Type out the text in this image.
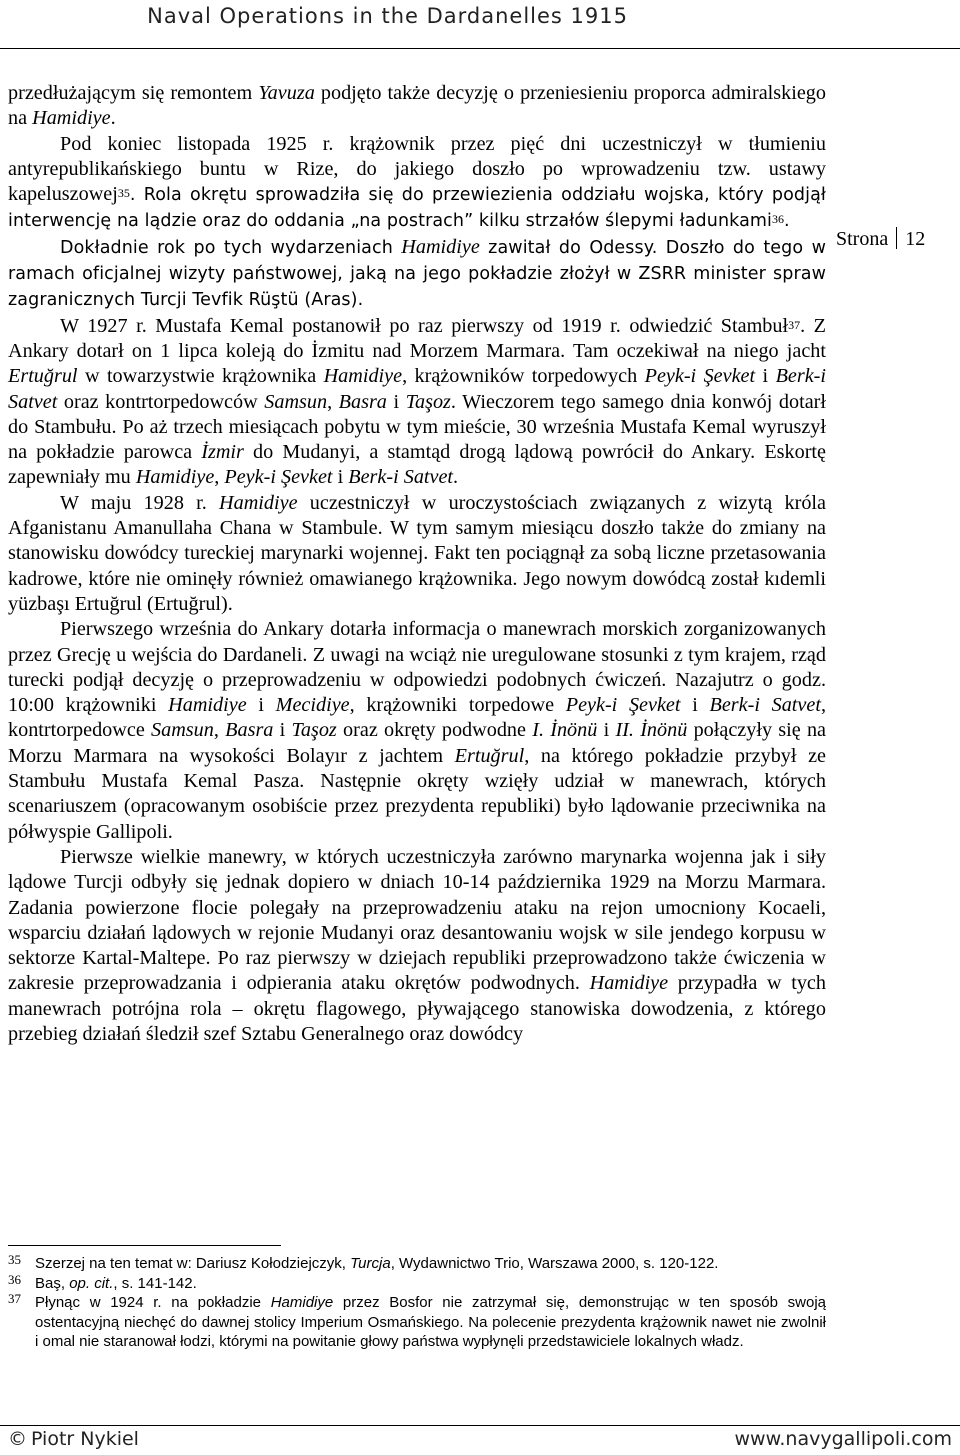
Naval Operations in the Dardanelles 1915
Strona 12

przedłużającym się remontem Yavuza podjęto także decyzję o przeniesieniu proporca admiralskiego na Hamidiye.

Pod koniec listopada 1925 r. krążownik przez pięć dni uczestniczył w tłumieniu antyrepublikańskiego buntu w Rize, do jakiego doszło po wprowadzeniu tzw. ustawy kapeluszowej$^{35}$. Rola okrętu sprowadziła się do przewiezienia oddziału wojska, który podjął interwencję na lądzie oraz do oddania „na postrach” kilku strzałów ślepymi ładunkami$^{36}$.

Dokładnie rok po tych wydarzeniach Hamidiye zawitał do Odessy. Doszło do tego w ramach oficjalnej wizyty państwowej, jaką na jego pokładzie złożył w ZSRR minister spraw zagranicznych Turcji Tevfik Rüştü (Aras).

W 1927 r. Mustafa Kemal postanowił po raz pierwszy od 1919 r. odwiedzić Stambuł$^{37}$. Z Ankary dotarł on 1 lipca koleją do İzmitu nad Morzem Marmara. Tam oczekiwał na niego jacht Ertuğrul w towarzystwie krążownika Hamidiye, krążowników torpedowych Peyk-i Şevket i Berk-i Satvet oraz kontrtorpedowców Samsun, Basra i Taşoz. Wieczorem tego samego dnia konwój dotarł do Stambułu. Po aż trzech miesiącach pobytu w tym mieście, 30 września Mustafa Kemal wyruszył na pokładzie parowca İzmir do Mudanyi, a stamtąd drogą lądową powrócił do Ankary. Eskortę zapewniały mu Hamidiye, Peyk-i Şevket i Berk-i Satvet.

W maju 1928 r. Hamidiye uczestniczył w uroczystościach związanych z wizytą króla Afganistanu Amanullaha Chana w Stambule. W tym samym miesiącu doszło także do zmiany na stanowisku dowódcy tureckiej marynarki wojennej. Fakt ten pociągnął za sobą liczne przetasowania kadrowe, które nie ominęły również omawianego krążownika. Jego nowym dowódcą został kıdemli yüzbaşı Ertuğrul (Ertuğrul).

Pierwszego września do Ankary dotarła informacja o manewrach morskich zorganizowanych przez Grecję u wejścia do Dardaneli. Z uwagi na wciąż nie uregulowane stosunki z tym krajem, rząd turecki podjął decyzję o przeprowadzeniu w odpowiedzi podobnych ćwiczeń. Nazajutrz o godz. 10:00 krążowniki Hamidiye i Mecidiye, krążowniki torpedowe Peyk-i Şevket i Berk-i Satvet, kontrtorpedowce Samsun, Basra i Taşoz oraz okręty podwodne I. İnönü i II. İnönü połączyły się na Morzu Marmara na wysokości Bolayır z jachtem Ertuğrul, na którego pokładzie przybył ze Stambułu Mustafa Kemal Pasza. Następnie okręty wzięły udział w manewrach, których scenariuszem (opracowanym osobiście przez prezydenta republiki) było lądowanie przeciwnika na półwyspie Gallipoli.

Pierwsze wielkie manewry, w których uczestniczyła zarówno marynarka wojenna jak i siły lądowe Turcji odbyły się jednak dopiero w dniach 10-14 października 1929 na Morzu Marmara. Zadania powierzone flocie polegały na przeprowadzeniu ataku na rejon umocniony Kocaeli, wsparciu działań lądowych w rejonie Mudanyi oraz desantowaniu wojsk w sile jendego korpusu w sektorze Kartal-Maltepe. Po raz pierwszy w dziejach republiki przeprowadzono także ćwiczenia w zakresie przeprowadzania i odpierania ataku okrętów podwodnych. Hamidiye przypadła w tych manewrach potrójna rola – okrętu flagowego, pływającego stanowiska dowodzenia, z którego przebieg działań śledził szef Sztabu Generalnego oraz dowódcy

35 Szerzej na ten temat w: Dariusz Kołodziejczyk, Turcja, Wydawnictwo Trio, Warszawa 2000, s. 120-122.
36 Baş, op. cit., s. 141-142.
37 Płynąc w 1924 r. na pokładzie Hamidiye przez Bosfor nie zatrzymał się, demonstrując w ten sposób swoją ostentacyjną niechęć do dawnej stolicy Imperium Osmańskiego. Na polecenie prezydenta krążownik nawet nie zwolnił i omal nie staranował łodzi, którymi na powitanie głowy państwa wypłynęli przedstawiciele lokalnych władz.
© Piotr Nykiel	www.navygallipoli.com
